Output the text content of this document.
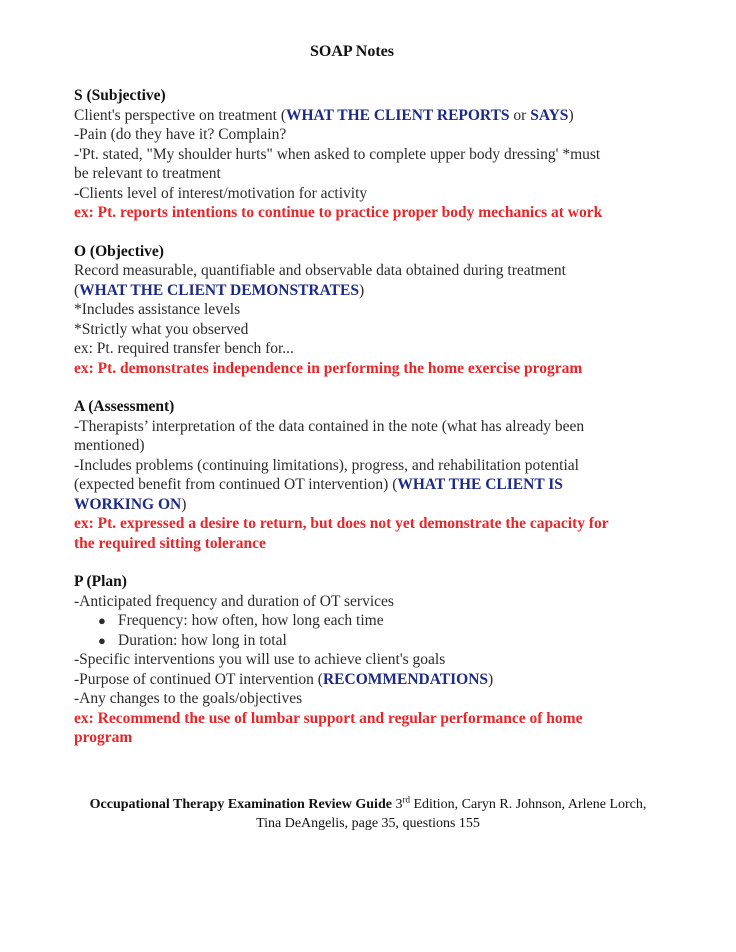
SOAP Notes
S (Subjective)
Client's perspective on treatment (WHAT THE CLIENT REPORTS or SAYS)
-Pain (do they have it? Complain?
-'Pt. stated, "My shoulder hurts" when asked to complete upper body dressing' *must
be relevant to treatment
-Clients level of interest/motivation for activity
ex: Pt. reports intentions to continue to practice proper body mechanics at work
O (Objective)
Record measurable, quantifiable and observable data obtained during treatment
(WHAT THE CLIENT DEMONSTRATES)
*Includes assistance levels
*Strictly what you observed
ex: Pt. required transfer bench for...
ex: Pt. demonstrates independence in performing the home exercise program
A (Assessment)
-Therapists’ interpretation of the data contained in the note (what has already been
mentioned)
-Includes problems (continuing limitations), progress, and rehabilitation potential
(expected benefit from continued OT intervention) (WHAT THE CLIENT IS
WORKING ON)
ex: Pt. expressed a desire to return, but does not yet demonstrate the capacity for
the required sitting tolerance
P (Plan)
-Anticipated frequency and duration of OT services
● Frequency: how often, how long each time
● Duration: how long in total
-Specific interventions you will use to achieve client's goals
-Purpose of continued OT intervention (RECOMMENDATIONS)
-Any changes to the goals/objectives
ex: Recommend the use of lumbar support and regular performance of home
program
Occupational Therapy Examination Review Guide 3rd Edition, Caryn R. Johnson, Arlene Lorch,
Tina DeAngelis, page 35, questions 155
